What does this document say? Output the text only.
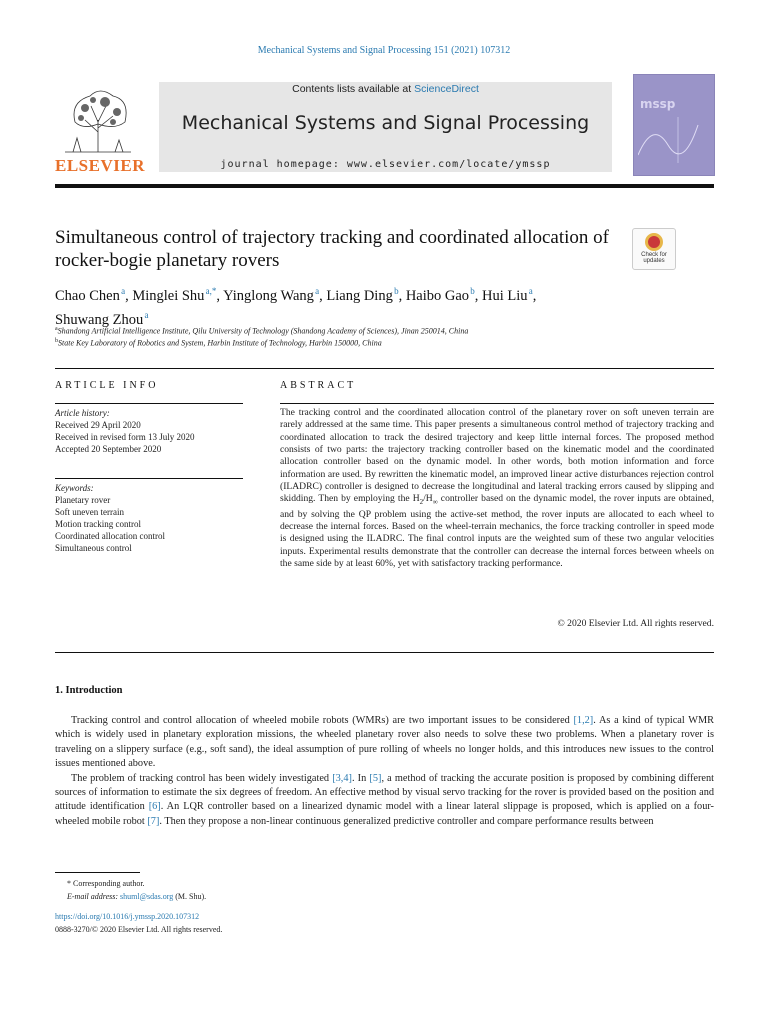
Mechanical Systems and Signal Processing 151 (2021) 107312
ELSEVIER
Contents lists available at ScienceDirect
Mechanical Systems and Signal Processing
journal homepage: www.elsevier.com/locate/ymssp
mssp
Simultaneous control of trajectory tracking and coordinated allocation of rocker-bogie planetary rovers	Check for updates
Chao Chen $^a$, Minglei Shu $^{a,*}$, Yinglong Wang $^a$, Liang Ding $^b$, Haibo Gao $^b$, Hui Liu $^a$,
Shuwang Zhou $^a$
$^a$Shandong Artificial Intelligence Institute, Qilu University of Technology (Shandong Academy of Sciences), Jinan 250014, China
$^b$State Key Laboratory of Robotics and System, Harbin Institute of Technology, Harbin 150000, China
ARTICLE INFO	ABSTRACT
Article history:
Received 29 April 2020
Received in revised form 13 July 2020
Accepted 20 September 2020
Keywords:
Planetary rover
Soft uneven terrain
Motion tracking control
Coordinated allocation control
Simultaneous control
The tracking control and the coordinated allocation control of the planetary rover on soft uneven terrain are rarely addressed at the same time. This paper presents a simultaneous control method of trajectory tracking and coordinated allocation to track the desired trajectory and keep little internal forces. The proposed method consists of two parts: the trajectory tracking controller based on the kinematic model and the coordinated allocation controller based on the dynamic model. In other words, both motion information and force information are used. By rewritten the kinematic model, an improved linear active disturbances rejection control (ILADRC) controller is designed to decrease the longitudinal and lateral tracking errors caused by slipping and skidding. Then by employing the $H_2/H_\infty$ controller based on the dynamic model, the rover inputs are obtained, and by solving the QP problem using the active-set method, the rover inputs are allocated to each wheel to decrease the internal forces. Based on the wheel-terrain mechanics, the force tracking controller in speed mode is designed using the ILADRC. The final control inputs are the weighted sum of these two angular velocities inputs. Experimental results demonstrate that the controller can decrease the internal forces between wheels on the same side by at least 60%, yet with satisfactory tracking performance.
© 2020 Elsevier Ltd. All rights reserved.
1. Introduction

Tracking control and control allocation of wheeled mobile robots (WMRs) are two important issues to be considered [1,2]. As a kind of typical WMR which is widely used in planetary exploration missions, the wheeled planetary rover also needs to solve these two problems. When a planetary rover is traveling on a slippery surface (e.g., soft sand), the ideal assumption of pure rolling of wheels no longer holds, and this introduces new issues to the control issues mentioned above.

The problem of tracking control has been widely investigated [3,4]. In [5], a method of tracking the accurate position is proposed by combining different sources of information to estimate the six degrees of freedom. An effective method by visual servo tracking for the rover is provided based on the position and attitude identification [6]. An LQR controller based on a linearized dynamic model with a linear lateral slippage is proposed, which is applied on a four-wheeled mobile robot [7]. Then they propose a non-linear continuous generalized predictive controller and compare performance results between

* Corresponding author.
E-mail address: shuml@sdas.org (M. Shu).
https://doi.org/10.1016/j.ymssp.2020.107312
0888-3270/© 2020 Elsevier Ltd. All rights reserved.
